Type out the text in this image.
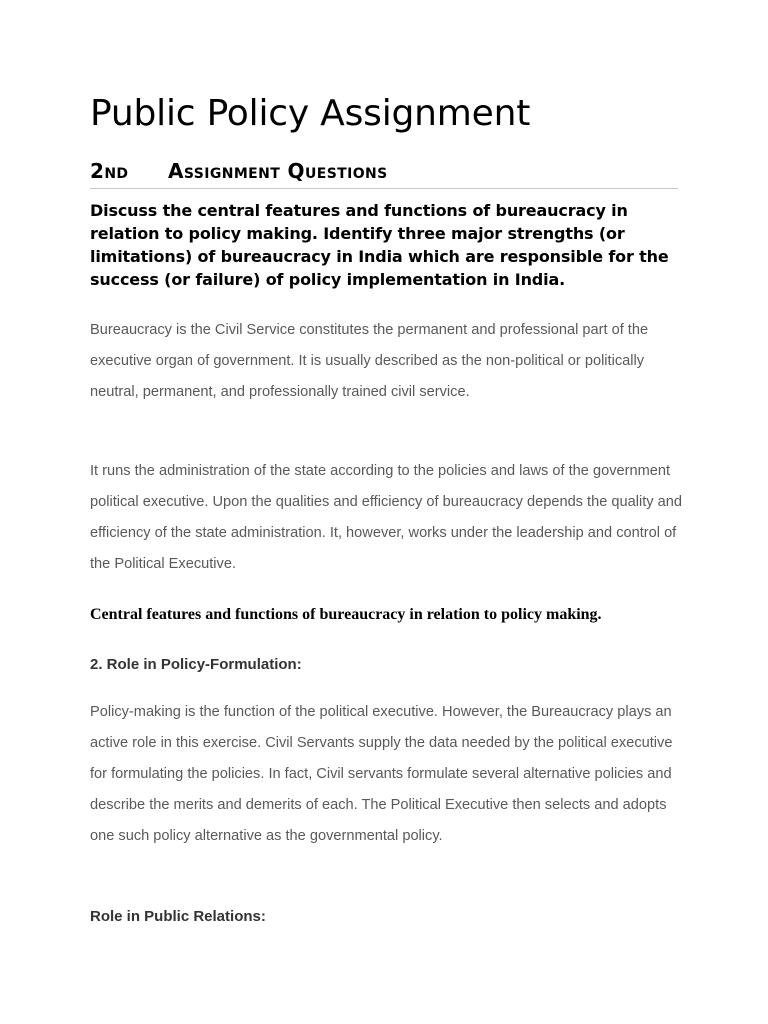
Public Policy Assignment
2nd Assignment Questions

Discuss the central features and functions of bureaucracy in relation to policy making. Identify three major strengths (or limitations) of bureaucracy in India which are responsible for the success (or failure) of policy implementation in India.

Bureaucracy is the Civil Service constitutes the permanent and professional part of the executive organ of government. It is usually described as the non-political or politically neutral, permanent, and professionally trained civil service.

It runs the administration of the state according to the policies and laws of the government political executive. Upon the qualities and efficiency of bureaucracy depends the quality and efficiency of the state administration. It, however, works under the leadership and control of the Political Executive.

Central features and functions of bureaucracy in relation to policy making.
2. Role in Policy-Formulation:

Policy-making is the function of the political executive. However, the Bureaucracy plays an active role in this exercise. Civil Servants supply the data needed by the political executive for formulating the policies. In fact, Civil servants formulate several alternative policies and describe the merits and demerits of each. The Political Executive then selects and adopts one such policy alternative as the governmental policy.

Role in Public Relations:
